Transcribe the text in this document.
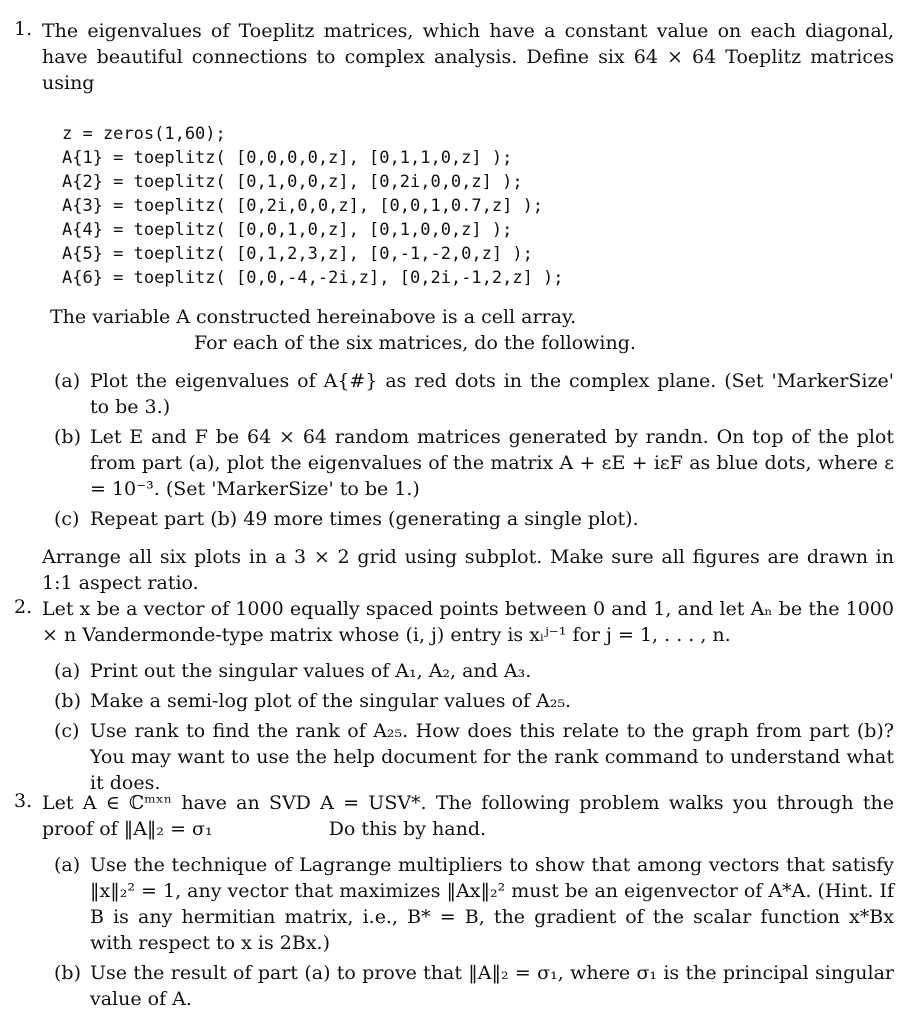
1. The eigenvalues of Toeplitz matrices, which have a constant value on each diagonal, have beautiful connections to complex analysis. Define six 64 × 64 Toeplitz matrices using
z = zeros(1,60);
A{1} = toeplitz( [0,0,0,0,z], [0,1,1,0,z] );
A{2} = toeplitz( [0,1,0,0,z], [0,2i,0,0,z] );
A{3} = toeplitz( [0,2i,0,0,z], [0,0,1,0.7,z] );
A{4} = toeplitz( [0,0,1,0,z], [0,1,0,0,z] );
A{5} = toeplitz( [0,1,2,3,z], [0,-1,-2,0,z] );
A{6} = toeplitz( [0,0,-4,-2i,z], [0,2i,-1,2,z] );
The variable A constructed hereinabove is a cell array.
For each of the six matrices, do the following.
(a) Plot the eigenvalues of A{#} as red dots in the complex plane. (Set 'MarkerSize' to be 3.)
(b) Let E and F be 64 × 64 random matrices generated by randn. On top of the plot from part (a), plot the eigenvalues of the matrix A + εE + iεF as blue dots, where ε = 10⁻³. (Set 'MarkerSize' to be 1.)
(c) Repeat part (b) 49 more times (generating a single plot).
Arrange all six plots in a 3 × 2 grid using subplot. Make sure all figures are drawn in 1:1 aspect ratio.
2. Let x be a vector of 1000 equally spaced points between 0 and 1, and let Aₙ be the 1000 × n Vandermonde-type matrix whose (i, j) entry is xᵢʲ⁻¹ for j = 1, . . . , n.
(a) Print out the singular values of A₁, A₂, and A₃.
(b) Make a semi-log plot of the singular values of A₂₅.
(c) Use rank to find the rank of A₂₅. How does this relate to the graph from part (b)? You may want to use the help document for the rank command to understand what it does.
3. Let A ∈ ℂᵐˣⁿ have an SVD A = USV*. The following problem walks you through the proof of ‖A‖₂ = σ₁	Do this by hand.
(a) Use the technique of Lagrange multipliers to show that among vectors that satisfy ‖x‖₂² = 1, any vector that maximizes ‖Ax‖₂² must be an eigenvector of A*A. (Hint. If B is any hermitian matrix, i.e., B* = B, the gradient of the scalar function x*Bx with respect to x is 2Bx.)
(b) Use the result of part (a) to prove that ‖A‖₂ = σ₁, where σ₁ is the principal singular value of A.
